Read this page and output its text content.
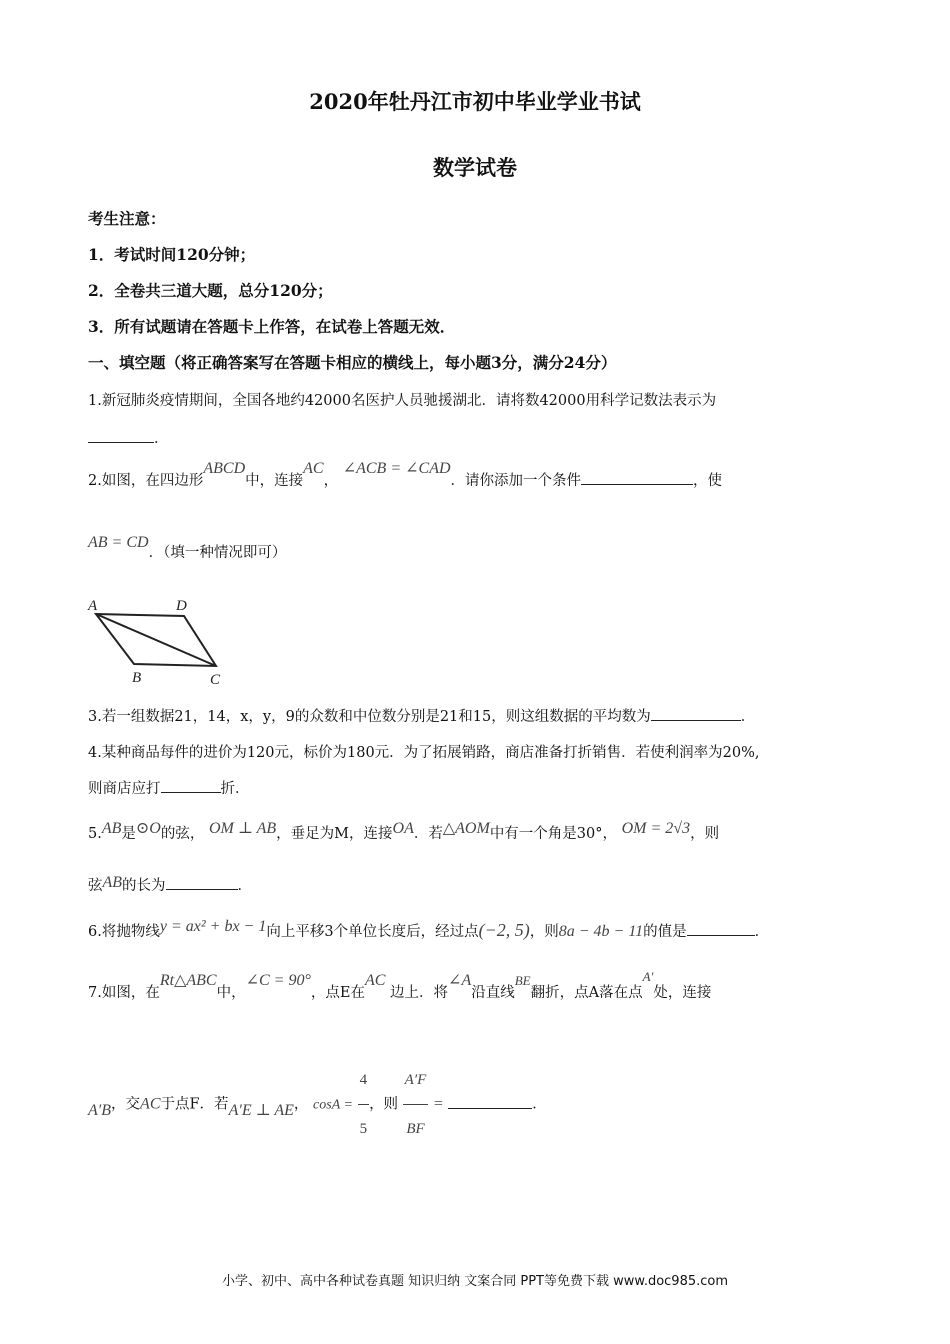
2020年牡丹江市初中毕业学业书试
数学试卷
考生注意：
1．考试时间120分钟；
2．全卷共三道大题，总分120分；
3．所有试题请在答题卡上作答，在试卷上答题无效．
一、填空题（将正确答案写在答题卡相应的横线上，每小题3分，满分24分）
1.新冠肺炎疫情期间，全国各地约42000名医护人员驰援湖北．请将数42000用科学记数法表示为
．
2.如图，在四边形ABCD中，连接AC， ∠ACB = ∠CAD．请你添加一个条件	，使
AB = CD．（填一种情况即可）
A	D
B	C
3.若一组数据21，14，x，y，9的众数和中位数分别是21和15，则这组数据的平均数为	．
4.某种商品每件的进价为120元，标价为180元．为了拓展销路，商店准备打折销售．若使利润率为20%,
则商店应打	折．
5.AB是⊙O的弦， OM ⊥ AB，垂足为M，连接OA．若△AOM中有一个角是30°， OM = 2√3，则
弦AB的长为	．
6.将抛物线y = ax² + bx − 1向上平移3个单位长度后，经过点(−2, 5)，则8a − 4b − 11的值是	．
7.如图，在Rt△ABC中，∠C = 90°，点E在AC 边上．将∠A沿直线BE翻折，点A落在点A′处，连接
A′B，交AC于点F．若A′E ⊥ AE， $\cos A = \frac{4}{5}$ ，则 $\frac{A'F}{BF}$ =	．
小学、初中、高中各种试卷真题 知识归纳 文案合同 PPT等免费下载 www.doc985.com
